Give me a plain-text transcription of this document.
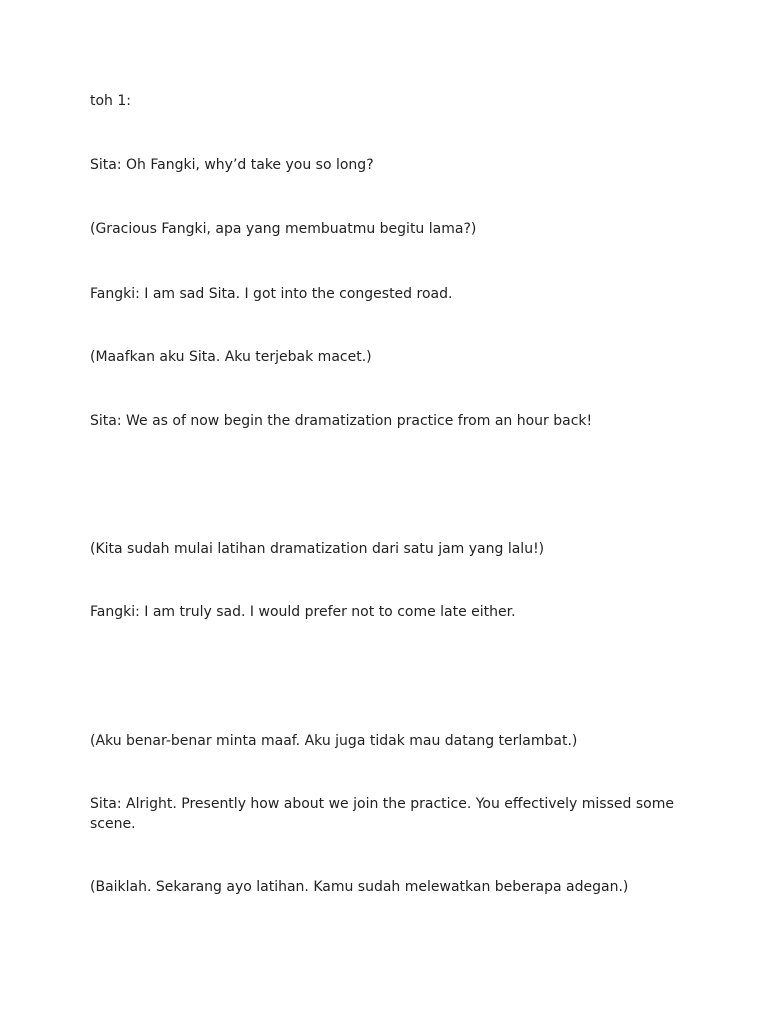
toh 1:

Sita: Oh Fangki, why’d take you so long?

(Gracious Fangki, apa yang membuatmu begitu lama?)

Fangki: I am sad Sita. I got into the congested road.

(Maafkan aku Sita. Aku terjebak macet.)

Sita: We as of now begin the dramatization practice from an hour back!

(Kita sudah mulai latihan dramatization dari satu jam yang lalu!)

Fangki: I am truly sad. I would prefer not to come late either.

(Aku benar-benar minta maaf. Aku juga tidak mau datang terlambat.)

Sita: Alright. Presently how about we join the practice. You effectively missed some scene.

(Baiklah. Sekarang ayo latihan. Kamu sudah melewatkan beberapa adegan.)
